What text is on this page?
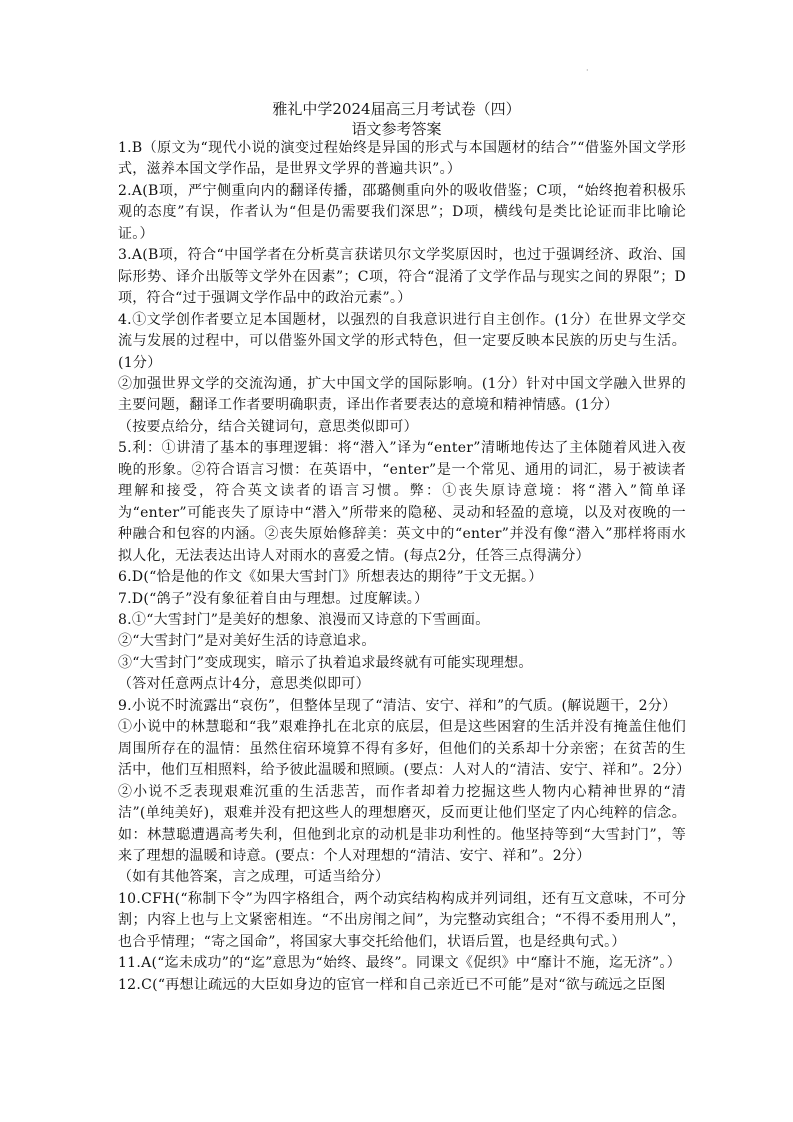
·
雅礼中学2024届高三月考试卷（四）
语文参考答案

1.B（原文为“现代小说的演变过程始终是异国的形式与本国题材的结合”“借鉴外国文学形式，滋养本国文学作品，是世界文学界的普遍共识”。）

2.A(B项，严宁侧重向内的翻译传播，邵璐侧重向外的吸收借鉴；C项，“始终抱着积极乐观的态度”有误，作者认为“但是仍需要我们深思”；D项，横线句是类比论证而非比喻论证。）

3.A(B项，符合“中国学者在分析莫言获诺贝尔文学奖原因时，也过于强调经济、政治、国际形势、译介出版等文学外在因素”；C项，符合“混淆了文学作品与现实之间的界限”；D项，符合“过于强调文学作品中的政治元素”。）

4.①文学创作者要立足本国题材，以强烈的自我意识进行自主创作。(1分）在世界文学交流与发展的过程中，可以借鉴外国文学的形式特色，但一定要反映本民族的历史与生活。(1分）

②加强世界文学的交流沟通，扩大中国文学的国际影响。(1分）针对中国文学融入世界的主要问题，翻译工作者要明确职责，译出作者要表达的意境和精神情感。(1分）

（按要点给分，结合关键词句，意思类似即可）

5.利：①讲清了基本的事理逻辑：将“潜入”译为“enter”清晰地传达了主体随着风进入夜晚的形象。②符合语言习惯：在英语中，“enter”是一个常见、通用的词汇，易于被读者理解和接受，符合英文读者的语言习惯。弊：①丧失原诗意境：将“潜入”简单译为“enter”可能丧失了原诗中“潜入”所带来的隐秘、灵动和轻盈的意境，以及对夜晚的一种融合和包容的内涵。②丧失原始修辞美：英文中的“enter”并没有像“潜入”那样将雨水拟人化，无法表达出诗人对雨水的喜爱之情。(每点2分，任答三点得满分）

6.D(“恰是他的作文《如果大雪封门》所想表达的期待”于文无据。）

7.D(“鸽子”没有象征着自由与理想。过度解读。）

8.①“大雪封门”是美好的想象、浪漫而又诗意的下雪画面。

②“大雪封门”是对美好生活的诗意追求。

③“大雪封门”变成现实，暗示了执着追求最终就有可能实现理想。

（答对任意两点计4分，意思类似即可）

9.小说不时流露出“哀伤”，但整体呈现了“清洁、安宁、祥和”的气质。(解说题干，2分）

①小说中的林慧聪和“我”艰难挣扎在北京的底层，但是这些困窘的生活并没有掩盖住他们周围所存在的温情：虽然住宿环境算不得有多好，但他们的关系却十分亲密；在贫苦的生活中，他们互相照料，给予彼此温暖和照顾。(要点：人对人的“清洁、安宁、祥和”。2分）

②小说不乏表现艰难沉重的生活悲苦，而作者却着力挖掘这些人物内心精神世界的“清洁”(单纯美好)，艰难并没有把这些人的理想磨灭，反而更让他们坚定了内心纯粹的信念。如：林慧聪遭遇高考失利，但他到北京的动机是非功利性的。他坚持等到“大雪封门”，等来了理想的温暖和诗意。(要点：个人对理想的“清洁、安宁、祥和”。2分）

（如有其他答案，言之成理，可适当给分）

10.CFH(“称制下令”为四字格组合，两个动宾结构构成并列词组，还有互文意味，不可分割；内容上也与上文紧密相连。“不出房闱之间”，为完整动宾组合；“不得不委用刑人”，也合乎情理；“寄之国命”，将国家大事交托给他们，状语后置，也是经典句式。）

11.A(“迄未成功”的“迄”意思为“始终、最终”。同课文《促织》中“靡计不施，迄无济”。）

12.C(“再想让疏远的大臣如身边的宦官一样和自己亲近已不可能”是对“欲与疏远之臣图
